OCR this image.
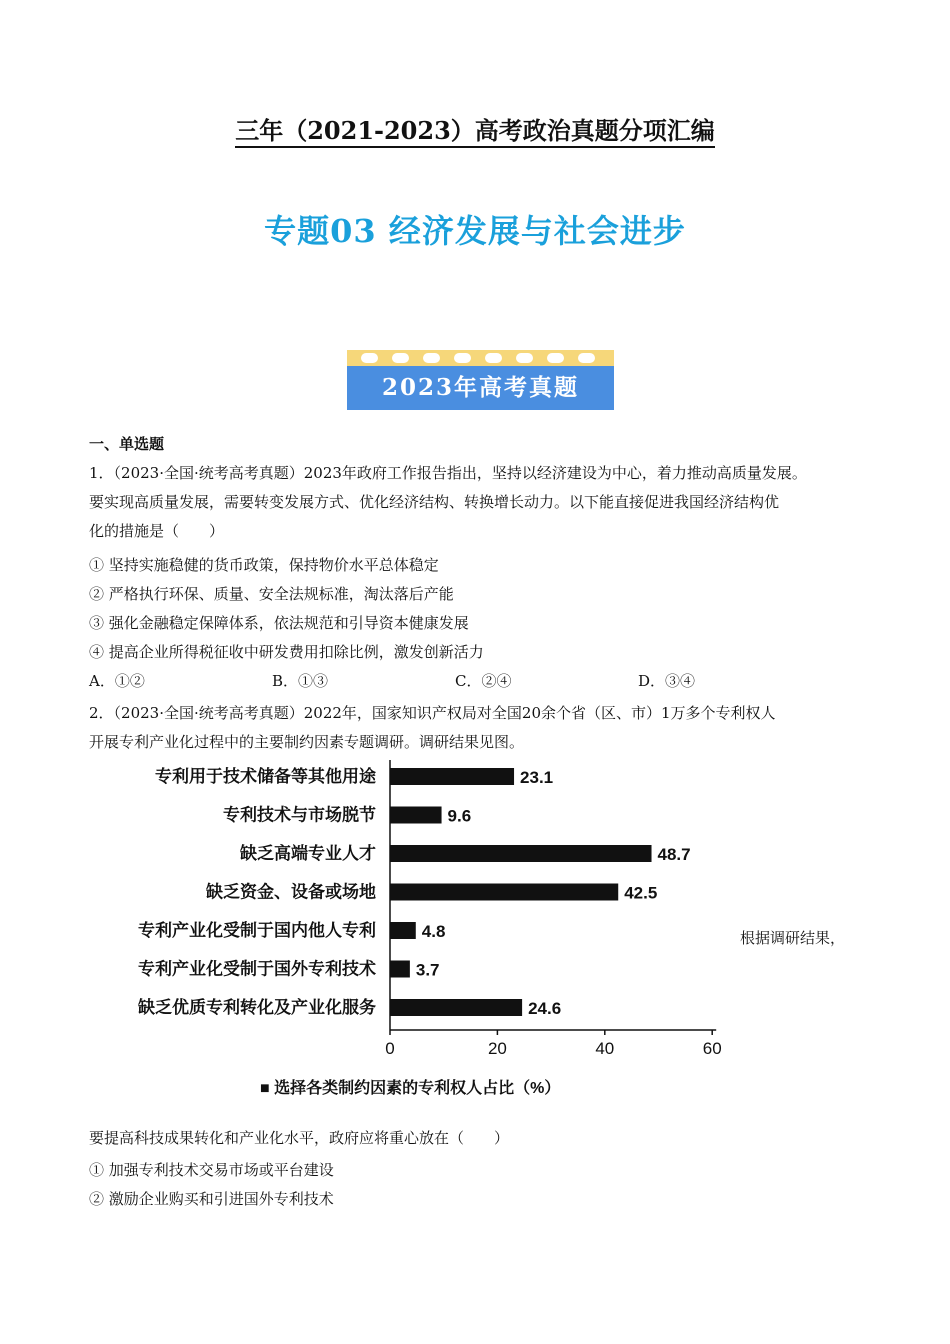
三年（2021-2023）高考政治真题分项汇编
专题03 经济发展与社会进步
2023年高考真题
一、单选题
1．（2023·全国·统考高考真题）2023年政府工作报告指出，坚持以经济建设为中心，着力推动高质量发展。
要实现高质量发展，需要转变发展方式、优化经济结构、转换增长动力。以下能直接促进我国经济结构优
化的措施是（　　）
① 坚持实施稳健的货币政策，保持物价水平总体稳定
② 严格执行环保、质量、安全法规标准，淘汰落后产能
③ 强化金融稳定保障体系，依法规范和引导资本健康发展
④ 提高企业所得税征收中研发费用扣除比例，激发创新活力
A．①②	B．①③	C．②④	D．③④
2．（2023·全国·统考高考真题）2022年，国家知识产权局对全国20余个省（区、市）1万多个专利权人
开展专利产业化过程中的主要制约因素专题调研。调研结果见图。
专利用于技术储备等其他用途	23.1
专利技术与市场脱节	9.6
缺乏高端专业人才	48.7
缺乏资金、设备或场地	42.5
专利产业化受制于国内他人专利	4.8
专利产业化受制于国外专利技术 3.7
缺乏优质专利转化及产业化服务	24.6
0	20	40	60
■ 选择各类制约因素的专利权人占比（%）
根据调研结果，
要提高科技成果转化和产业化水平，政府应将重心放在（　　）
① 加强专利技术交易市场或平台建设
② 激励企业购买和引进国外专利技术
